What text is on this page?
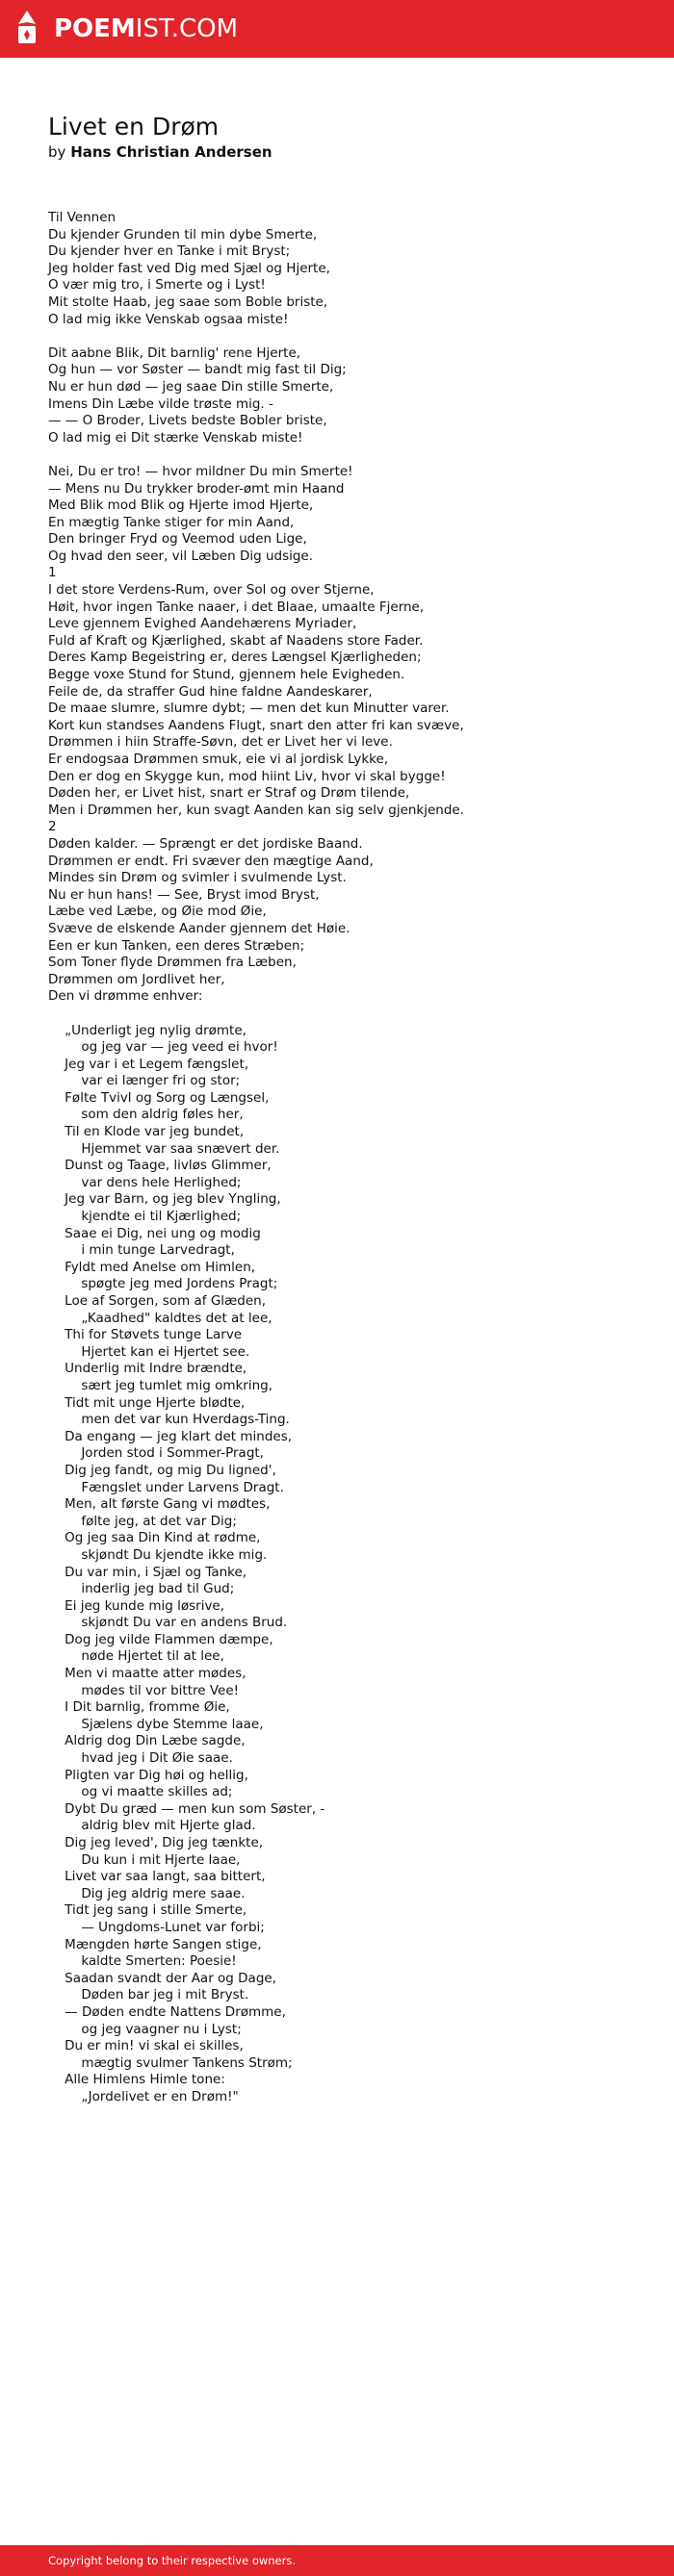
POEMIST.COM
Livet en Drøm
by Hans Christian Andersen
Til Vennen
Du kjender Grunden til min dybe Smerte,
Du kjender hver en Tanke i mit Bryst;
Jeg holder fast ved Dig med Sjæl og Hjerte,
O vær mig tro, i Smerte og i Lyst!
Mit stolte Haab, jeg saae som Boble briste,
O lad mig ikke Venskab ogsaa miste!
Dit aabne Blik, Dit barnlig' rene Hjerte,
Og hun — vor Søster — bandt mig fast til Dig;
Nu er hun død — jeg saae Din stille Smerte,
Imens Din Læbe vilde trøste mig. -
— — O Broder, Livets bedste Bobler briste,
O lad mig ei Dit stærke Venskab miste!
Nei, Du er tro! — hvor mildner Du min Smerte!
— Mens nu Du trykker broder-ømt min Haand
Med Blik mod Blik og Hjerte imod Hjerte,
En mægtig Tanke stiger for min Aand,
Den bringer Fryd og Veemod uden Lige,
Og hvad den seer, vil Læben Dig udsige.
1
I det store Verdens-Rum, over Sol og over Stjerne,
Høit, hvor ingen Tanke naaer, i det Blaae, umaalte Fjerne,
Leve gjennem Evighed Aandehærens Myriader,
Fuld af Kraft og Kjærlighed, skabt af Naadens store Fader.
Deres Kamp Begeistring er, deres Længsel Kjærligheden;
Begge voxe Stund for Stund, gjennem hele Evigheden.
Feile de, da straffer Gud hine faldne Aandeskarer,
De maae slumre, slumre dybt; — men det kun Minutter varer.
Kort kun standses Aandens Flugt, snart den atter fri kan svæve,
Drømmen i hiin Straffe-Søvn, det er Livet her vi leve.
Er endogsaa Drømmen smuk, eie vi al jordisk Lykke,
Den er dog en Skygge kun, mod hiint Liv, hvor vi skal bygge!
Døden her, er Livet hist, snart er Straf og Drøm tilende,
Men i Drømmen her, kun svagt Aanden kan sig selv gjenkjende.
2
Døden kalder. — Sprængt er det jordiske Baand.
Drømmen er endt. Fri svæver den mægtige Aand,
Mindes sin Drøm og svimler i svulmende Lyst.
Nu er hun hans! — See, Bryst imod Bryst,
Læbe ved Læbe, og Øie mod Øie,
Svæve de elskende Aander gjennem det Høie.
Een er kun Tanken, een deres Stræben;
Som Toner flyde Drømmen fra Læben,
Drømmen om Jordlivet her,
Den vi drømme enhver:
„Underligt jeg nylig drømte,
og jeg var — jeg veed ei hvor!
Jeg var i et Legem fængslet,
var ei længer fri og stor;
Følte Tvivl og Sorg og Længsel,
som den aldrig føles her,
Til en Klode var jeg bundet,
Hjemmet var saa snævert der.
Dunst og Taage, livløs Glimmer,
var dens hele Herlighed;
Jeg var Barn, og jeg blev Yngling,
kjendte ei til Kjærlighed;
Saae ei Dig, nei ung og modig
i min tunge Larvedragt,
Fyldt med Anelse om Himlen,
spøgte jeg med Jordens Pragt;
Loe af Sorgen, som af Glæden,
„Kaadhed" kaldtes det at lee,
Thi for Støvets tunge Larve
Hjertet kan ei Hjertet see.
Underlig mit Indre brændte,
sært jeg tumlet mig omkring,
Tidt mit unge Hjerte blødte,
men det var kun Hverdags-Ting.
Da engang — jeg klart det mindes,
Jorden stod i Sommer-Pragt,
Dig jeg fandt, og mig Du ligned',
Fængslet under Larvens Dragt.
Men, alt første Gang vi mødtes,
følte jeg, at det var Dig;
Og jeg saa Din Kind at rødme,
skjøndt Du kjendte ikke mig.
Du var min, i Sjæl og Tanke,
inderlig jeg bad til Gud;
Ei jeg kunde mig løsrive,
skjøndt Du var en andens Brud.
Dog jeg vilde Flammen dæmpe,
nøde Hjertet til at lee,
Men vi maatte atter mødes,
mødes til vor bittre Vee!
I Dit barnlig, fromme Øie,
Sjælens dybe Stemme laae,
Aldrig dog Din Læbe sagde,
hvad jeg i Dit Øie saae.
Pligten var Dig høi og hellig,
og vi maatte skilles ad;
Dybt Du græd — men kun som Søster, -
aldrig blev mit Hjerte glad.
Dig jeg leved', Dig jeg tænkte,
Du kun i mit Hjerte laae,
Livet var saa langt, saa bittert,
Dig jeg aldrig mere saae.
Tidt jeg sang i stille Smerte,
— Ungdoms-Lunet var forbi;
Mængden hørte Sangen stige,
kaldte Smerten: Poesie!
Saadan svandt der Aar og Dage,
Døden bar jeg i mit Bryst.
— Døden endte Nattens Drømme,
og jeg vaagner nu i Lyst;
Du er min! vi skal ei skilles,
mægtig svulmer Tankens Strøm;
Alle Himlens Himle tone:
„Jordelivet er en Drøm!"
Copyright belong to their respective owners.
